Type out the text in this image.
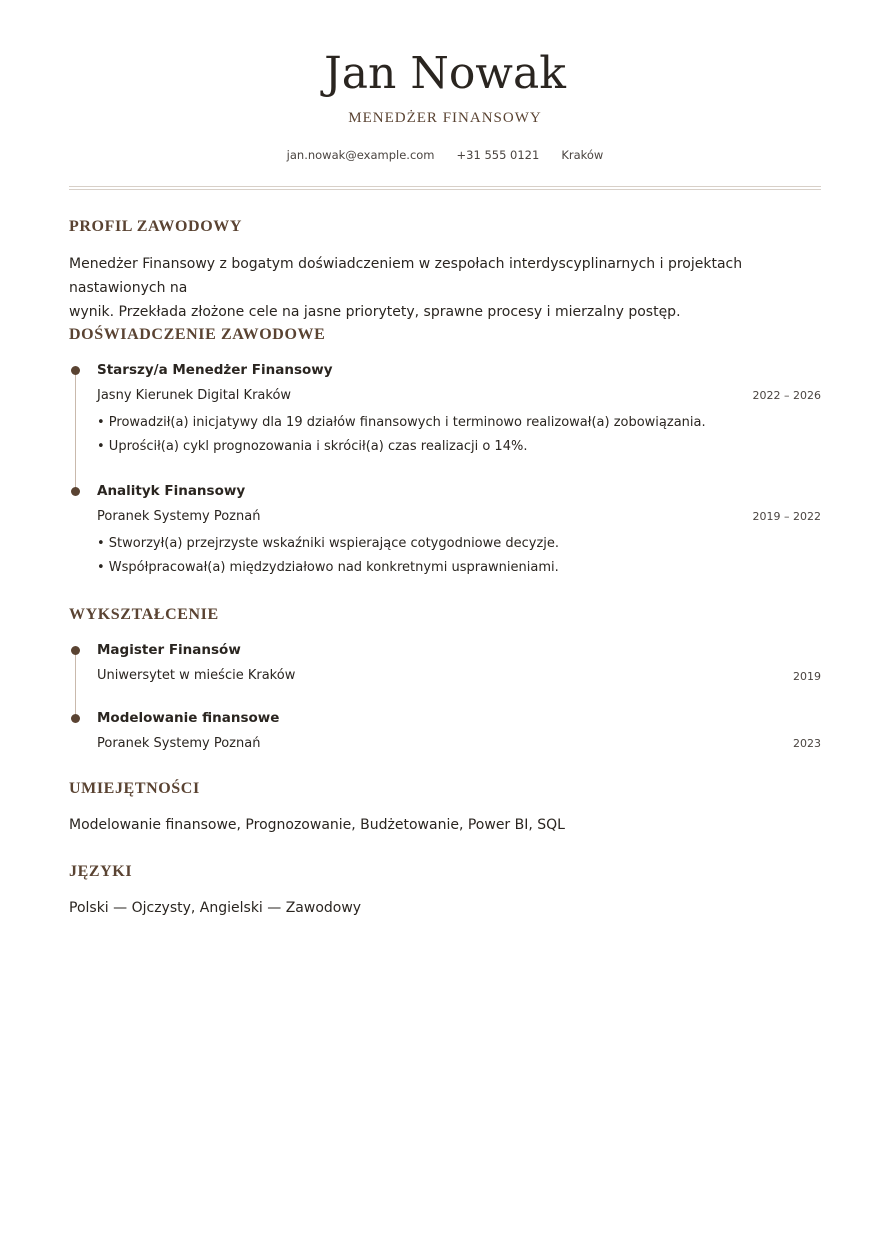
Jan Nowak
MENEDŻER FINANSOWY
jan.nowak@example.com +31 555 0121 Kraków
PROFIL ZAWODOWY
Menedżer Finansowy z bogatym doświadczeniem w zespołach interdyscyplinarnych i projektach nastawionych na
wynik. Przekłada złożone cele na jasne priorytety, sprawne procesy i mierzalny postęp.
DOŚWIADCZENIE ZAWODOWE
Starszy/a Menedżer Finansowy
Jasny Kierunek Digital Kraków	2022 – 2026
• Prowadził(a) inicjatywy dla 19 działów finansowych i terminowo realizował(a) zobowiązania.
• Uprościł(a) cykl prognozowania i skrócił(a) czas realizacji o 14%.
Analityk Finansowy
Poranek Systemy Poznań	2019 – 2022
• Stworzył(a) przejrzyste wskaźniki wspierające cotygodniowe decyzje.
• Współpracował(a) międzydziałowo nad konkretnymi usprawnieniami.
WYKSZTAŁCENIE
Magister Finansów
Uniwersytet w mieście Kraków	2019
Modelowanie finansowe
Poranek Systemy Poznań	2023
UMIEJĘTNOŚCI
Modelowanie finansowe, Prognozowanie, Budżetowanie, Power BI, SQL
JĘZYKI
Polski — Ojczysty, Angielski — Zawodowy
